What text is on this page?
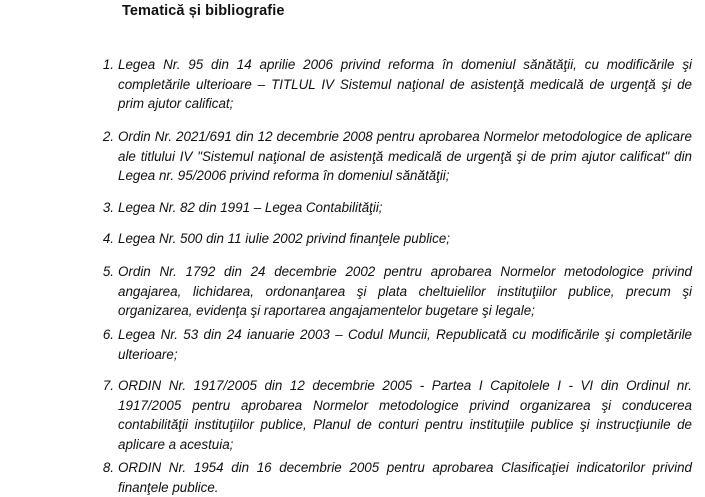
Tematică și bibliografie
1. Legea Nr. 95 din 14 aprilie 2006 privind reforma în domeniul sănătăţii, cu modificările şi completările ulterioare – TITLUL IV Sistemul naţional de asistenţă medicală de urgenţă şi de prim ajutor calificat;
2. Ordin Nr. 2021/691 din 12 decembrie 2008 pentru aprobarea Normelor metodologice de aplicare ale titlului IV "Sistemul naţional de asistenţă medicală de urgenţă şi de prim ajutor calificat" din Legea nr. 95/2006 privind reforma în domeniul sănătăţii;
3. Legea Nr. 82 din 1991 – Legea Contabilităţii;
4. Legea Nr. 500 din 11 iulie 2002 privind finanţele publice;
5. Ordin Nr. 1792 din 24 decembrie 2002 pentru aprobarea Normelor metodologice privind angajarea, lichidarea, ordonanţarea şi plata cheltuielilor instituţiilor publice, precum şi organizarea, evidenţa şi raportarea angajamentelor bugetare şi legale;
6. Legea Nr. 53 din 24 ianuarie 2003 – Codul Muncii, Republicată cu modificările şi completările ulterioare;
7. ORDIN Nr. 1917/2005 din 12 decembrie 2005 - Partea I Capitolele I - VI din Ordinul nr. 1917/2005 pentru aprobarea Normelor metodologice privind organizarea şi conducerea contabilităţii instituţiilor publice, Planul de conturi pentru instituţiile publice şi instrucţiunile de aplicare a acestuia;
8. ORDIN Nr. 1954 din 16 decembrie 2005 pentru aprobarea Clasificaţiei indicatorilor privind finanţele publice.
